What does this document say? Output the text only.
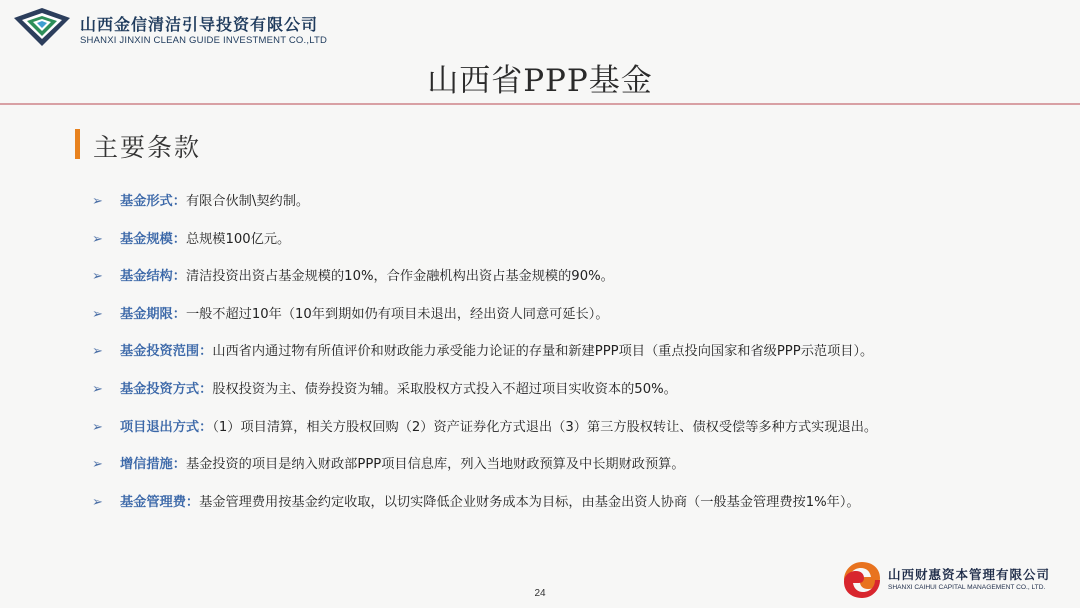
山西金信清洁引导投资有限公司
SHANXI JINXIN CLEAN GUIDE INVESTMENT CO.,LTD
山西省PPP基金
主要条款
➢ 基金形式：有限合伙制\契约制。
➢ 基金规模：总规模100亿元。
➢ 基金结构：清洁投资出资占基金规模的10%，合作金融机构出资占基金规模的90%。
➢ 基金期限：一般不超过10年（10年到期如仍有项目未退出，经出资人同意可延长）。
➢ 基金投资范围：山西省内通过物有所值评价和财政能力承受能力论证的存量和新建PPP项目（重点投向国家和省级PPP示范项目）。
➢ 基金投资方式：股权投资为主、债券投资为辅。采取股权方式投入不超过项目实收资本的50%。
➢ 项目退出方式：（1）项目清算，相关方股权回购（2）资产证券化方式退出（3）第三方股权转让、债权受偿等多种方式实现退出。
➢ 增信措施：基金投资的项目是纳入财政部PPP项目信息库，列入当地财政预算及中长期财政预算。
➢ 基金管理费：基金管理费用按基金约定收取，以切实降低企业财务成本为目标，由基金出资人协商（一般基金管理费按1%年）。
24
山西财惠资本管理有限公司
SHANXI CAIHUI CAPITAL MANAGEMENT CO., LTD.
